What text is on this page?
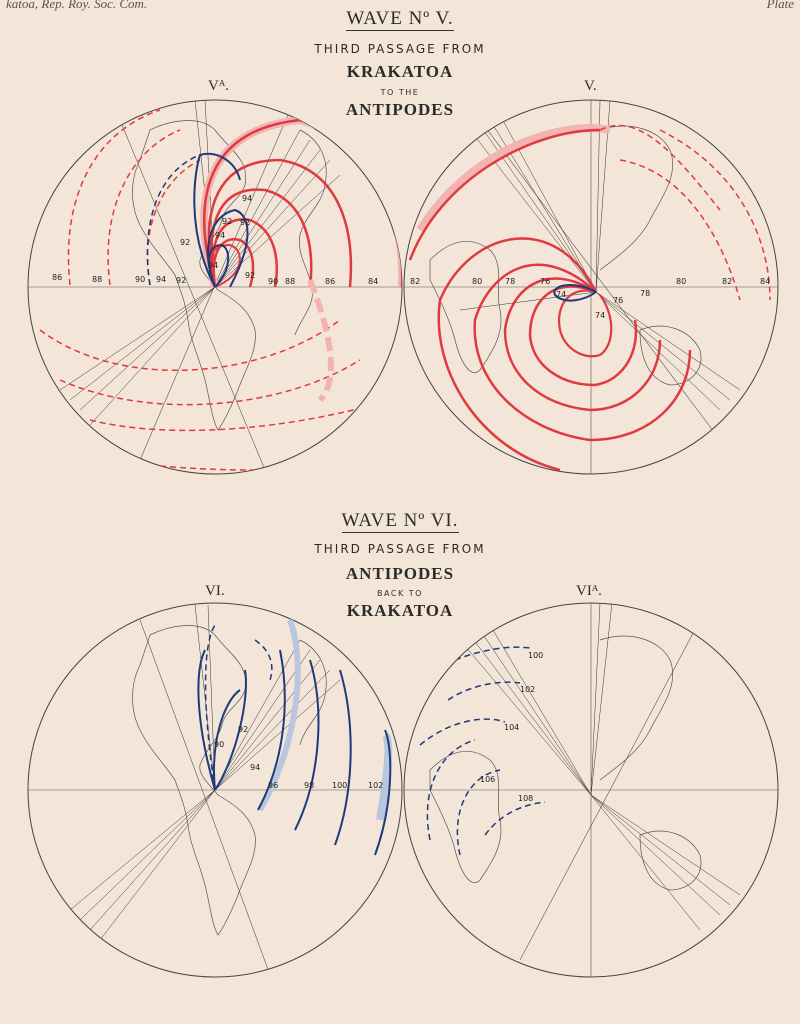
katoa, Rep. Roy. Soc. Com.	Plate
WAVE Nº V.
THIRD PASSAGE FROM
KRAKATOA
TO THE
ANTIPODES
Vᴬ.	V.
WAVE Nº VI.
THIRD PASSAGE FROM
ANTIPODES
BACK TO
KRAKATOA
VI.	VIᴬ.
86	88	90 94 92	90 88	86	84
92
92 92
94
94
92
94
82	80	78	76
74
74
76
78
80	82	84
92
90
94
96	98 100	102
100
102
104
106
108
